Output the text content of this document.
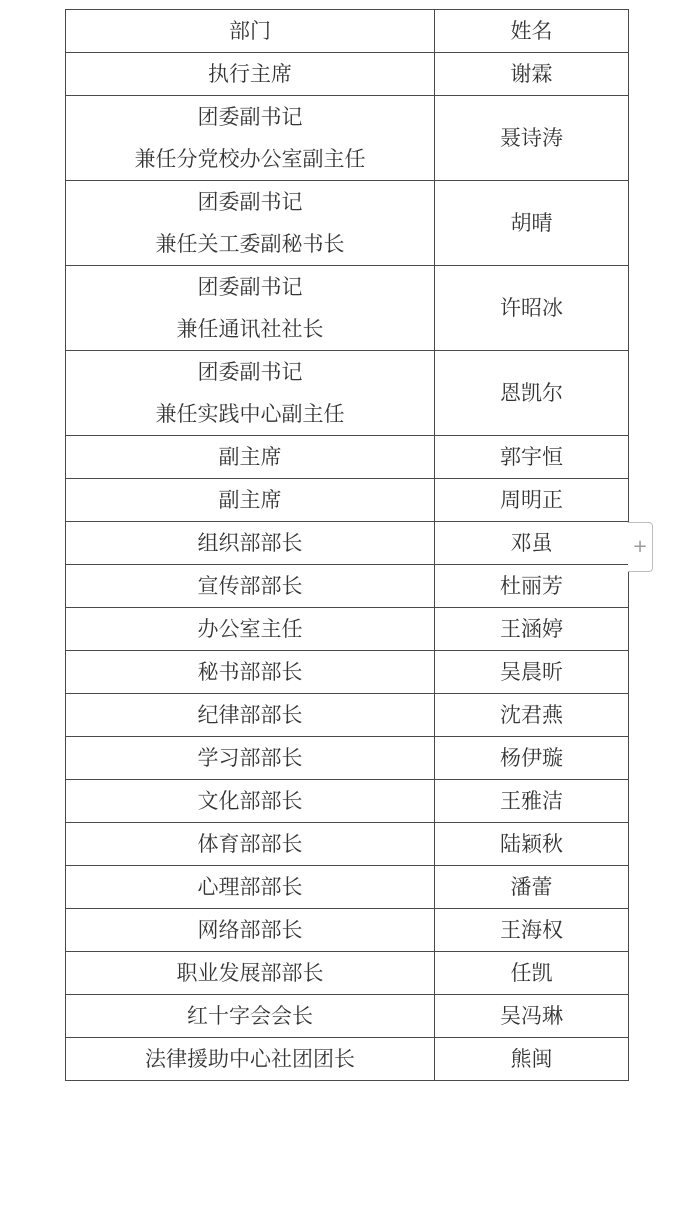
部门	姓名

执行主席	谢霖

团委副书记
兼任分党校办公室副主任	聂诗涛

团委副书记
兼任关工委副秘书长	胡晴

团委副书记
兼任通讯社社长	许昭冰

团委副书记
兼任实践中心副主任	恩凯尔

副主席	郭宇恒

副主席	周明正

组织部部长	邓虽

宣传部部长	杜丽芳

办公室主任	王涵婷

秘书部部长	吴晨昕

纪律部部长	沈君燕

学习部部长	杨伊璇

文化部部长	王雅洁

体育部部长	陆颖秋

心理部部长	潘蕾

网络部部长	王海权

职业发展部部长	任凯

红十字会会长	吴冯琳

法律援助中心社团团长	熊闽
+
